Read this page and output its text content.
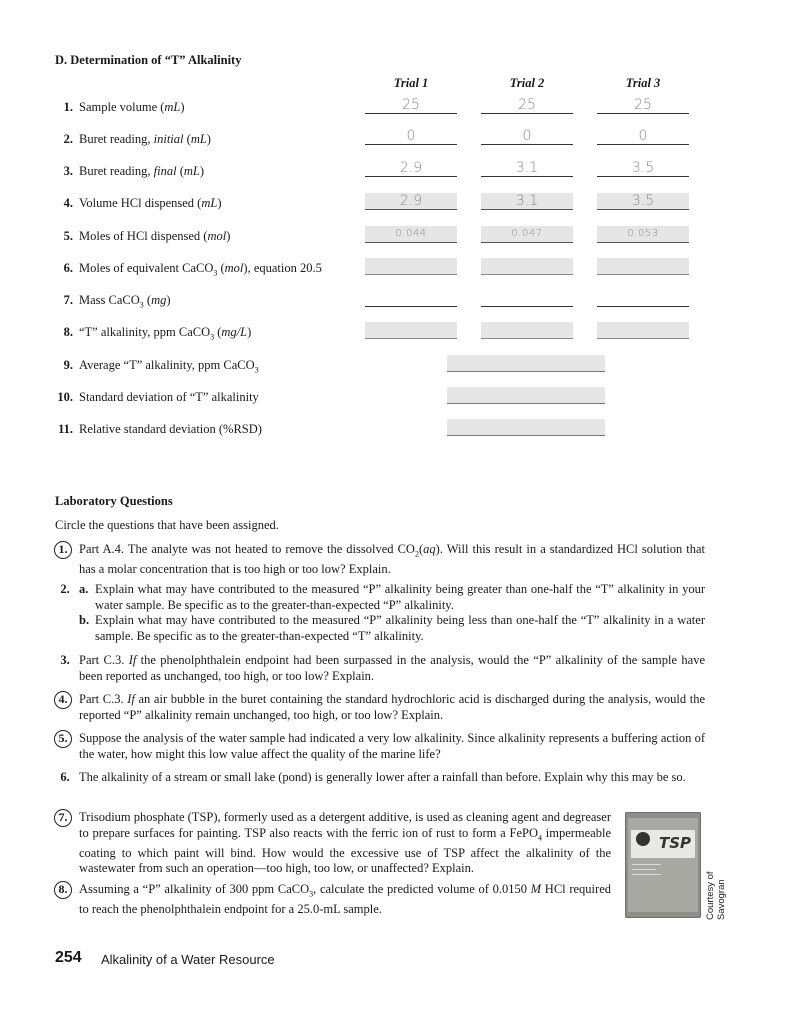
D. Determination of “T” Alkalinity
Trial 1	Trial 2	Trial 3
1. Sample volume (mL)	25	25	25
2. Buret reading, initial (mL)	0	0	0
3. Buret reading, final (mL)	2.9	3.1	3.5
4. Volume HCl dispensed (mL)	2.9	3.1	3.5
5. Moles of HCl dispensed (mol)	0.044	0.047	0.053
6. Moles of equivalent CaCO$_3$ (mol), equation 20.5
7. Mass CaCO$_3$ (mg)
8. “T” alkalinity, ppm CaCO$_3$ (mg/L)
9. Average “T” alkalinity, ppm CaCO$_3$
10. Standard deviation of “T” alkalinity
11. Relative standard deviation (%RSD)
Laboratory Questions
Circle the questions that have been assigned.
1. Part A.4. The analyte was not heated to remove the dissolved $CO_2(aq)$. Will this result in a standardized HCl solution that has a molar concentration that is too high or too low? Explain.
2. a. Explain what may have contributed to the measured “P” alkalinity being greater than one-half the “T” alkalinity in your water sample. Be specific as to the greater-than-expected “P” alkalinity.
b. Explain what may have contributed to the measured “P” alkalinity being less than one-half the “T” alkalinity in a water sample. Be specific as to the greater-than-expected “T” alkalinity.
3. Part C.3. If the phenolphthalein endpoint had been surpassed in the analysis, would the “P” alkalinity of the sample have been reported as unchanged, too high, or too low? Explain.
4. Part C.3. If an air bubble in the buret containing the standard hydrochloric acid is discharged during the analysis, would the reported “P” alkalinity remain unchanged, too high, or too low? Explain.
5. Suppose the analysis of the water sample had indicated a very low alkalinity. Since alkalinity represents a buffering action of the water, how might this low value affect the quality of the marine life?
6. The alkalinity of a stream or small lake (pond) is generally lower after a rainfall than before. Explain why this may be so.
7. Trisodium phosphate (TSP), formerly used as a detergent additive, is used as cleaning agent and degreaser to prepare surfaces for painting. TSP also reacts with the ferric ion of rust to form a FePO$_4$ impermeable coating to which paint will bind. How would the excessive use of TSP affect the alkalinity of the wastewater from such an operation—too high, too low, or unaffected? Explain.
8. Assuming a “P” alkalinity of 300 ppm CaCO$_3$, calculate the predicted volume of 0.0150 M HCl required to reach the phenolphthalein endpoint for a 25.0-mL sample.
TSP
━━━━━━━━━━━━
━━━━━━━━━━
━━━━━━━━━━━━	Courtesy of Savogran
254 Alkalinity of a Water Resource
